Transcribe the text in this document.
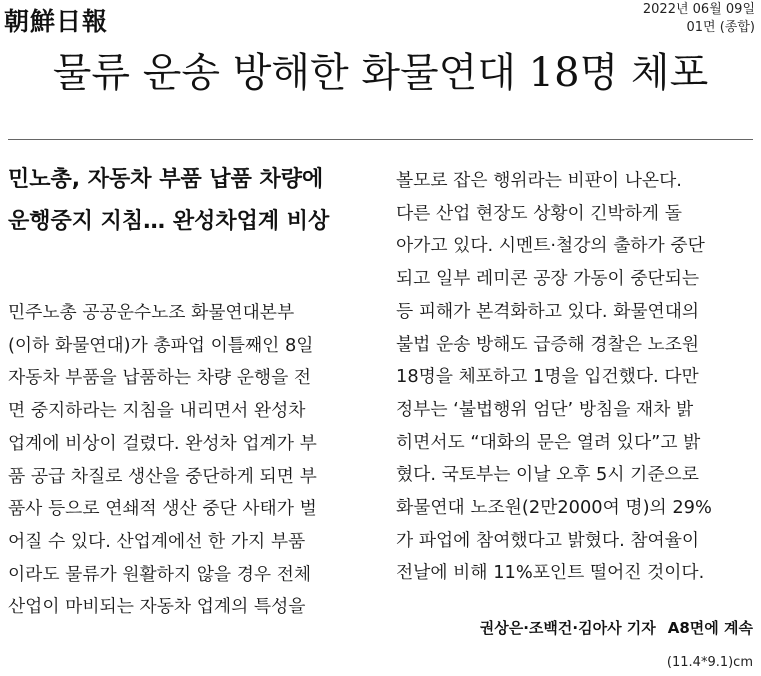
朝鮮日報	2022년 06월 09일
01면 (종합)
물류 운송 방해한 화물연대 18명 체포
민노총, 자동차 부품 납품 차량에
운행중지 지침… 완성차업계 비상
민주노총 공공운수노조 화물연대본부
(이하 화물연대)가 총파업 이틀째인 8일
자동차 부품을 납품하는 차량 운행을 전
면 중지하라는 지침을 내리면서 완성차
업계에 비상이 걸렸다. 완성차 업계가 부
품 공급 차질로 생산을 중단하게 되면 부
품사 등으로 연쇄적 생산 중단 사태가 벌
어질 수 있다. 산업계에선 한 가지 부품
이라도 물류가 원활하지 않을 경우 전체
산업이 마비되는 자동차 업계의 특성을
볼모로 잡은 행위라는 비판이 나온다.
다른 산업 현장도 상황이 긴박하게 돌
아가고 있다. 시멘트·철강의 출하가 중단
되고 일부 레미콘 공장 가동이 중단되는
등 피해가 본격화하고 있다. 화물연대의
불법 운송 방해도 급증해 경찰은 노조원
18명을 체포하고 1명을 입건했다. 다만
정부는 ‘불법행위 엄단’ 방침을 재차 밝
히면서도 “대화의 문은 열려 있다”고 밝
혔다. 국토부는 이날 오후 5시 기준으로
화물연대 노조원(2만2000여 명)의 29%
가 파업에 참여했다고 밝혔다. 참여율이
전날에 비해 11%포인트 떨어진 것이다.
권상은·조백건·김아사 기자 A8면에 계속
(11.4*9.1)cm
